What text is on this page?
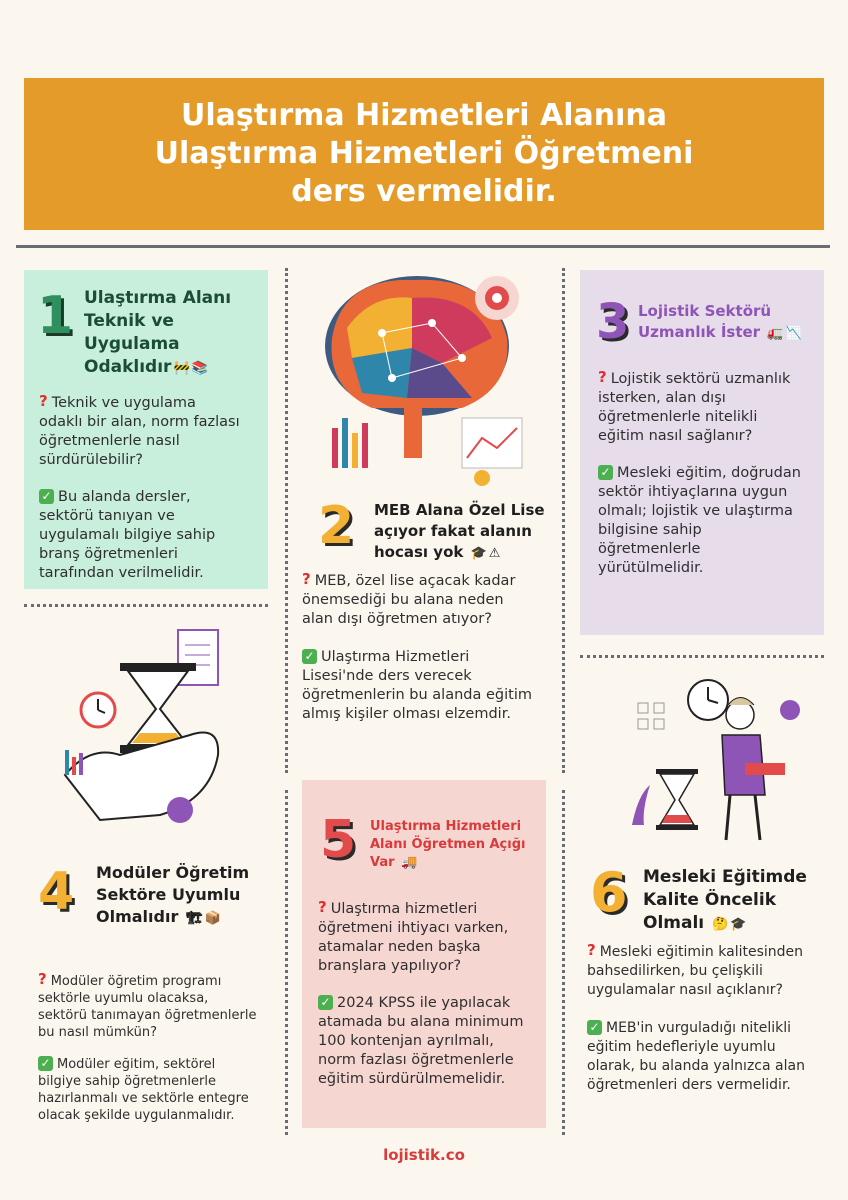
Ulaştırma Hizmetleri Alanına
Ulaştırma Hizmetleri Öğretmeni
ders vermelidir.
1 Ulaştırma Alanı
Teknik ve
Uygulama
Odaklıdır 🚧 📚
? Teknik ve uygulama
odaklı bir alan, norm fazlası
öğretmenlerle nasıl
sürdürülebilir?
✓ Bu alanda dersler,
sektörü tanıyan ve
uygulamalı bilgiye sahip
branş öğretmenleri
tarafından verilmelidir.
2 MEB Alana Özel Lise
açıyor fakat alanın
hocası yok 🎓 ⚠
? MEB, özel lise açacak kadar
önemsediği bu alana neden
alan dışı öğretmen atıyor?
✓ Ulaştırma Hizmetleri
Lisesi'nde ders verecek
öğretmenlerin bu alanda eğitim
almış kişiler olması elzemdir.
3 Lojistik Sektörü
Uzmanlık İster 🚛 📉
? Lojistik sektörü uzmanlık
isterken, alan dışı
öğretmenlerle nitelikli
eğitim nasıl sağlanır?
✓ Mesleki eğitim, doğrudan
sektör ihtiyaçlarına uygun
olmalı; lojistik ve ulaştırma
bilgisine sahip
öğretmenlerle
yürütülmelidir.
4 Modüler Öğretim
Sektöre Uyumlu
Olmalıdır 🏗 📦
? Modüler öğretim programı
sektörle uyumlu olacaksa,
sektörü tanımayan öğretmenlerle
bu nasıl mümkün?
✓ Modüler eğitim, sektörel
bilgiye sahip öğretmenlerle
hazırlanmalı ve sektörle entegre
olacak şekilde uygulanmalıdır.
5 Ulaştırma Hizmetleri
Alanı Öğretmen Açığı
Var 🚚
? Ulaştırma hizmetleri
öğretmeni ihtiyacı varken,
atamalar neden başka
branşlara yapılıyor?
✓ 2024 KPSS ile yapılacak
atamada bu alana minimum
100 kontenjan ayrılmalı,
norm fazlası öğretmenlerle
eğitim sürdürülmemelidir.
6 Mesleki Eğitimde
Kalite Öncelik
Olmalı 🤔 🎓
? Mesleki eğitimin kalitesinden
bahsedilirken, bu çelişkili
uygulamalar nasıl açıklanır?
✓ MEB'in vurguladığı nitelikli
eğitim hedefleriyle uyumlu
olarak, bu alanda yalnızca alan
öğretmenleri ders vermelidir.
lojistik.co
